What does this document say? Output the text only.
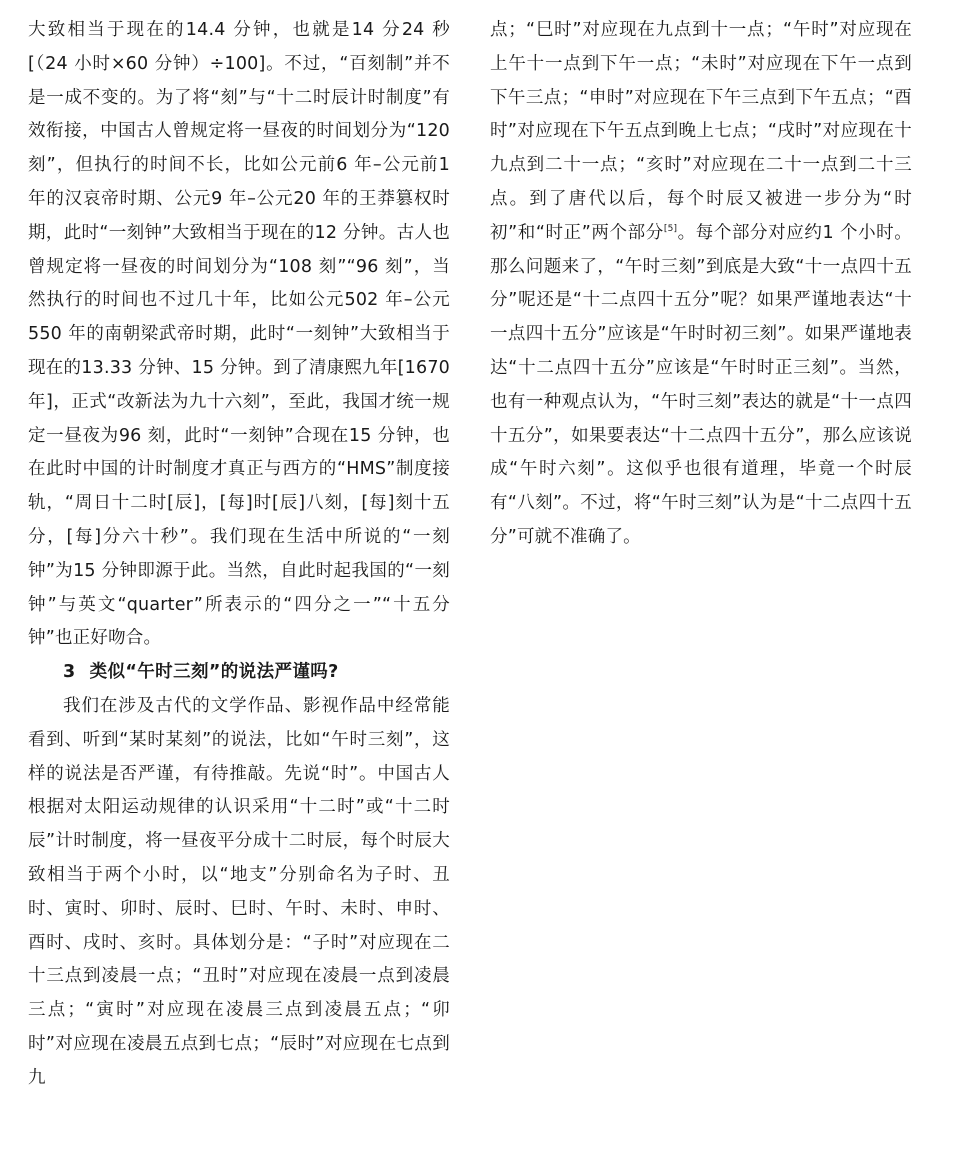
大致相当于现在的14.4 分钟，也就是14 分24 秒[（24 小时×60 分钟）÷100]。不过，“百刻制”并不是一成不变的。为了将“刻”与“十二时辰计时制度”有效衔接，中国古人曾规定将一昼夜的时间划分为“120 刻”，但执行的时间不长，比如公元前6 年–公元前1 年的汉哀帝时期、公元9 年–公元20 年的王莽篡权时期，此时“一刻钟”大致相当于现在的12 分钟。古人也曾规定将一昼夜的时间划分为“108 刻”“96 刻”，当然执行的时间也不过几十年，比如公元502 年–公元550 年的南朝梁武帝时期，此时“一刻钟”大致相当于现在的13.33 分钟、15 分钟。到了清康熙九年[1670 年]，正式“改新法为九十六刻”，至此，我国才统一规定一昼夜为96 刻，此时“一刻钟”合现在15 分钟，也在此时中国的计时制度才真正与西方的“HMS”制度接轨，“周日十二时[辰]，[每]时[辰]八刻，[每]刻十五分，[每]分六十秒”。我们现在生活中所说的“一刻钟”为15 分钟即源于此。当然，自此时起我国的“一刻钟”与英文“quarter”所表示的“四分之一”“十五分钟”也正好吻合。

3 类似“午时三刻”的说法严谨吗?

我们在涉及古代的文学作品、影视作品中经常能看到、听到“某时某刻”的说法，比如“午时三刻”，这样的说法是否严谨，有待推敲。先说“时”。中国古人根据对太阳运动规律的认识采用“十二时”或“十二时辰”计时制度，将一昼夜平分成十二时辰，每个时辰大致相当于两个小时，以“地支”分别命名为子时、丑时、寅时、卯时、辰时、巳时、午时、未时、申时、酉时、戌时、亥时。具体划分是：“子时”对应现在二十三点到凌晨一点；“丑时”对应现在凌晨一点到凌晨三点；“寅时”对应现在凌晨三点到凌晨五点；“卯时”对应现在凌晨五点到七点；“辰时”对应现在七点到九

点；“巳时”对应现在九点到十一点；“午时”对应现在上午十一点到下午一点；“未时”对应现在下午一点到下午三点；“申时”对应现在下午三点到下午五点；“酉时”对应现在下午五点到晚上七点；“戌时”对应现在十九点到二十一点；“亥时”对应现在二十一点到二十三点。到了唐代以后，每个时辰又被进一步分为“时初”和“时正”两个部分[5]。每个部分对应约1 个小时。那么问题来了，“午时三刻”到底是大致“十一点四十五分”呢还是“十二点四十五分”呢？如果严谨地表达“十一点四十五分”应该是“午时时初三刻”。如果严谨地表达“十二点四十五分”应该是“午时时正三刻”。当然，也有一种观点认为，“午时三刻”表达的就是“十一点四十五分”，如果要表达“十二点四十五分”，那么应该说成“午时六刻”。这似乎也很有道理，毕竟一个时辰有“八刻”。不过，将“午时三刻”认为是“十二点四十五分”可就不准确了。
